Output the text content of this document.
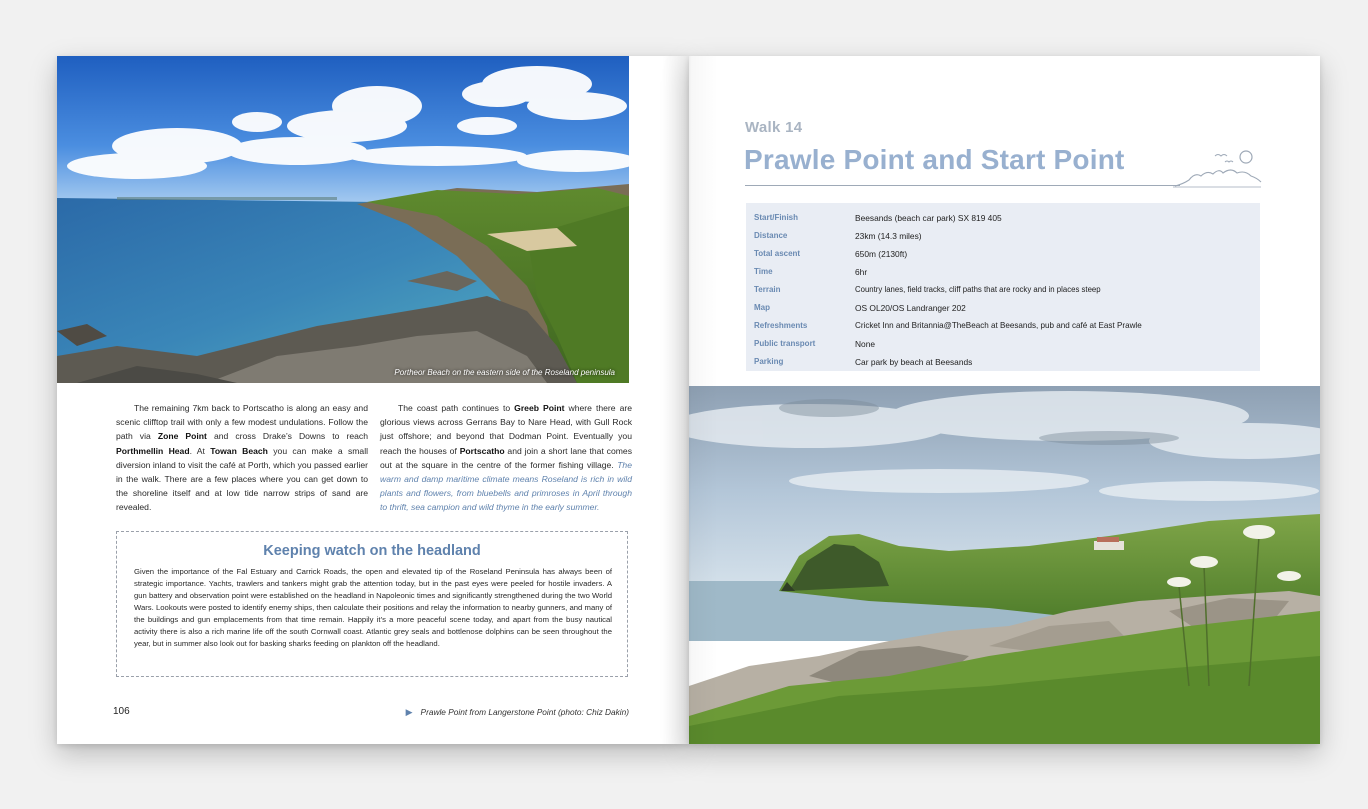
Portheor Beach on the eastern side of the Roseland peninsula

The remaining 7km back to Portscatho is along an easy and scenic clifftop trail with only a few modest undulations. Follow the path via Zone Point and cross Drake’s Downs to reach Porthmellin Head. At Towan Beach you can make a small diversion inland to visit the café at Porth, which you passed earlier in the walk. There are a few places where you can get down to the shoreline itself and at low tide narrow strips of sand are revealed.

The coast path continues to Greeb Point where there are glorious views across Gerrans Bay to Nare Head, with Gull Rock just offshore; and beyond that Dodman Point. Eventually you reach the houses of Portscatho and join a short lane that comes out at the square in the centre of the former fishing village. The warm and damp maritime climate means Roseland is rich in wild plants and flowers, from bluebells and primroses in April through to thrift, sea campion and wild thyme in the early summer.

Keeping watch on the headland
Given the importance of the Fal Estuary and Carrick Roads, the open and elevated tip of the Roseland Peninsula has always been of strategic importance. Yachts, trawlers and tankers might grab the attention today, but in the past eyes were peeled for hostile invaders. A gun battery and observation point were established on the headland in Napoleonic times and significantly strengthened during the two World Wars. Lookouts were posted to identify enemy ships, then calculate their positions and relay the information to nearby gunners, and many of the buildings and gun emplacements from that time remain. Happily it’s a more peaceful scene today, and apart from the busy nautical activity there is also a rich marine life off the south Cornwall coast. Atlantic grey seals and bottlenose dolphins can be seen throughout the year, but in summer also look out for basking sharks feeding on plankton off the headland.
106	▶ Prawle Point from Langerstone Point (photo: Chiz Dakin)
Walk 14
Prawle Point and Start Point
Start/Finish	Beesands (beach car park) SX 819 405
Distance	23km (14.3 miles)
Total ascent	650m (2130ft)
Time	6hr
Terrain	Country lanes, field tracks, cliff paths that are rocky and in places steep
Map	OS OL20/OS Landranger 202
Refreshments	Cricket Inn and Britannia@TheBeach at Beesands, pub and café at East Prawle
Public transport	None
Parking	Car park by beach at Beesands
